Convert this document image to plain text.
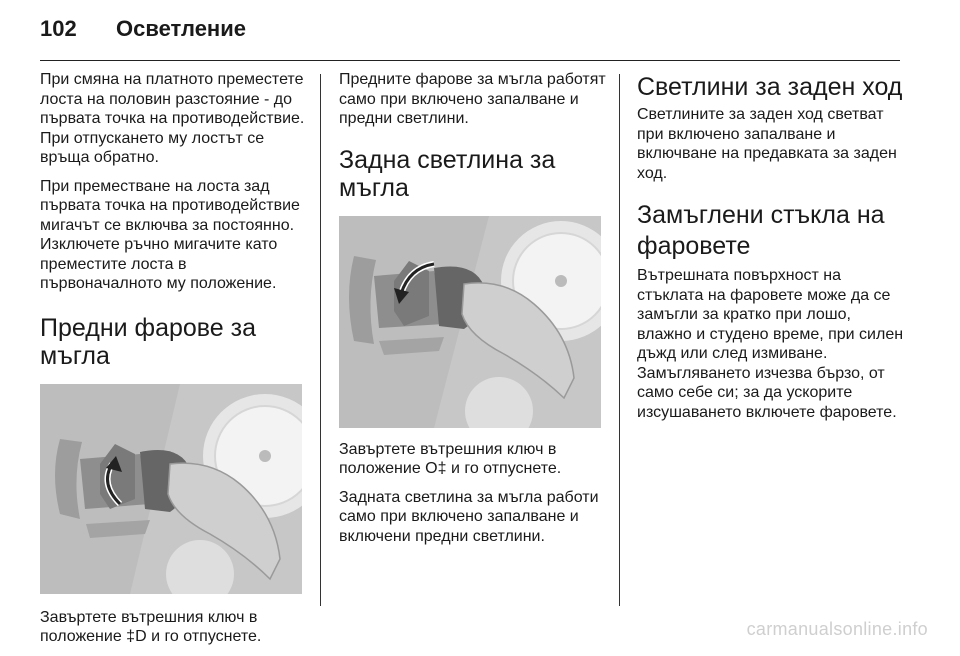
102 Осветление

При смяна на платното преместете лоста на половин разстояние - до първата точка на противодействие. При отпускането му лостът се връща обратно.

При преместване на лоста зад първата точка на противодействие мигачът се включва за постоянно. Изключете ръчно мигачите като преместите лоста в първоначалното му положение.

Предни фарове за мъгла

Завъртете вътрешния ключ в положение ‡D и го отпуснете.

Предните фарове за мъгла работят само при включено запалване и предни светлини.

Задна светлина за мъгла

Завъртете вътрешния ключ в положение O‡ и го отпуснете.

Задната светлина за мъгла работи само при включено запалване и включени предни светлини.

Светлини за заден ход

Светлините за заден ход светват при включено запалване и включване на предавката за заден ход.

Замъглени стъкла на фаровете

Вътрешната повърхност на стъклата на фаровете може да се замъгли за кратко при лошо, влажно и студено време, при силен дъжд или след измиване. Замъгляването изчезва бързо, от само себе си; за да ускорите изсушаването включете фаровете.

carmanualsonline.info
